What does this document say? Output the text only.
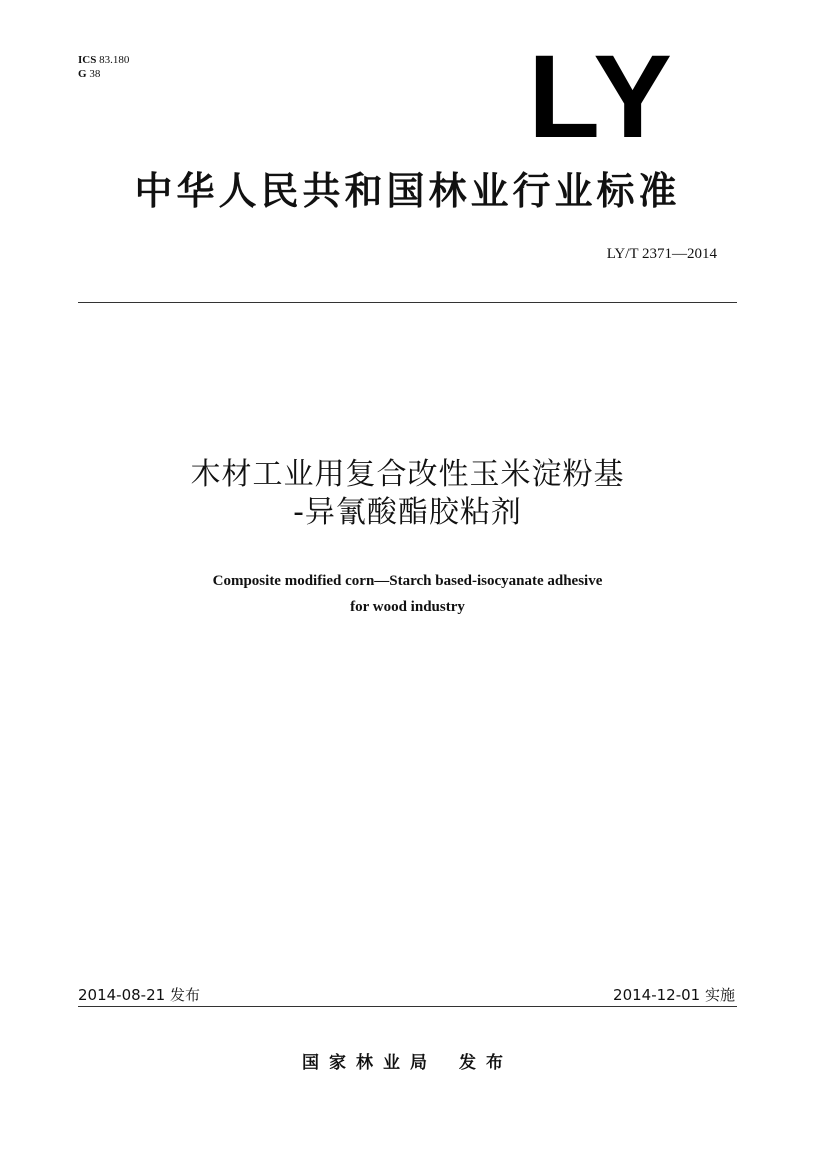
ICS 83.180
G 38	LY
中华人民共和国林业行业标准
LY/T 2371—2014
木材工业用复合改性玉米淀粉基
-异氰酸酯胶粘剂
Composite modified corn—Starch based-isocyanate adhesive
for wood industry
2014-08-21 发布	2014-12-01 实施
国家林业局 发布
